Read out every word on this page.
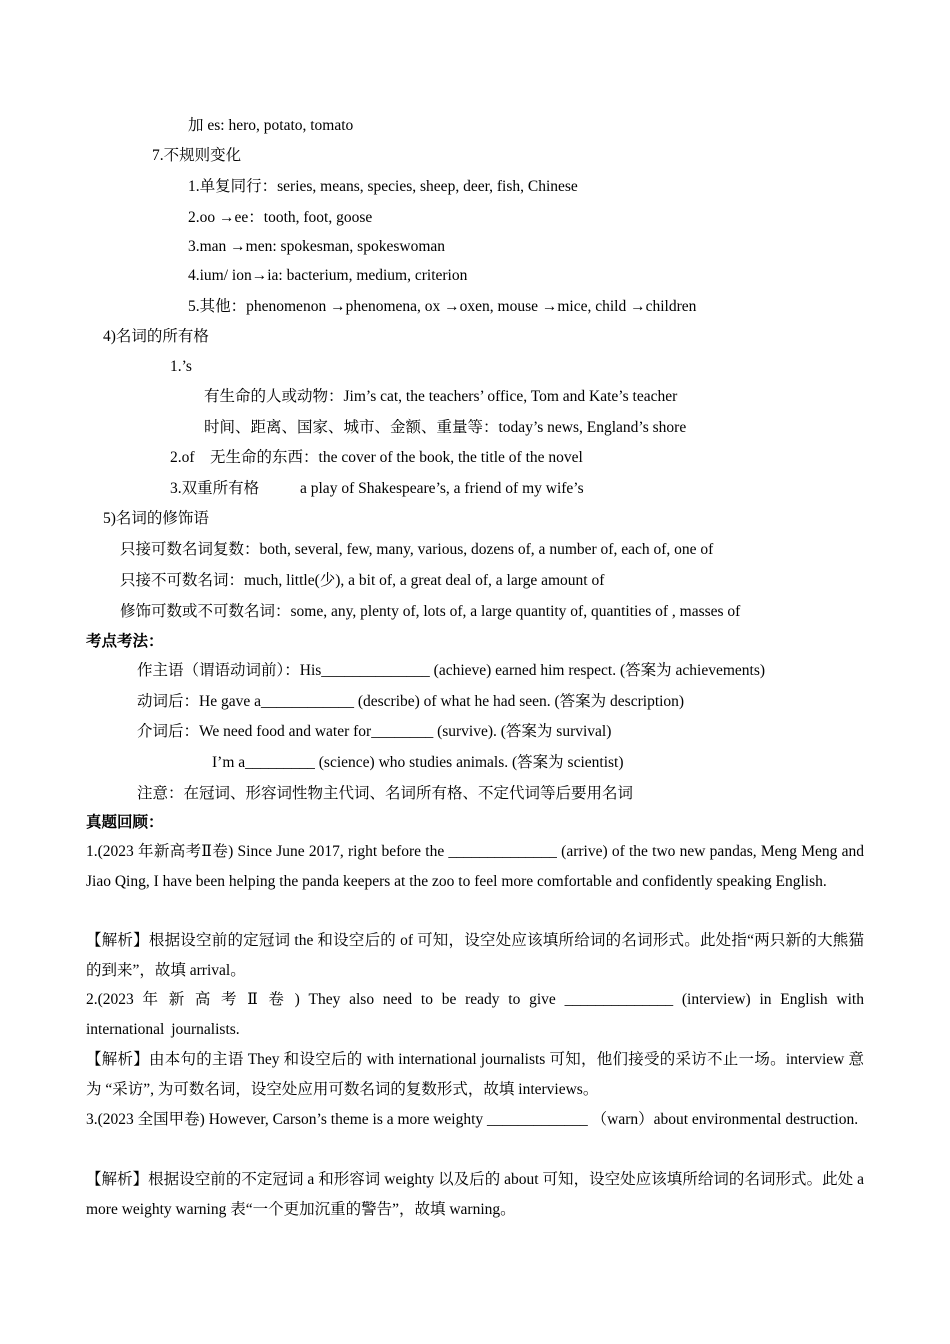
加 es: hero, potato, tomato
7.不规则变化
1.单复同行：series, means, species, sheep, deer, fish, Chinese
2.oo →ee：tooth, foot, goose
3.man →men: spokesman, spokeswoman
4.ium/ ion→ia: bacterium, medium, criterion
5.其他：phenomenon →phenomena, ox →oxen, mouse →mice, child →children
4)名词的所有格
1.’s
有生命的人或动物：Jim’s cat, the teachers’ office, Tom and Kate’s teacher
时间、距离、国家、城市、金额、重量等：today’s news, England’s shore
2.of　无生命的东西：the cover of the book, the title of the novel
3.双重所有格	a play of Shakespeare’s, a friend of my wife’s
5)名词的修饰语
只接可数名词复数：both, several, few, many, various, dozens of, a number of, each of, one of
只接不可数名词：much, little(少), a bit of, a great deal of, a large amount of
修饰可数或不可数名词：some, any, plenty of, lots of, a large quantity of, quantities of , masses of
考点考法：
作主语（谓语动词前）：His______________ (achieve) earned him respect. (答案为 achievements)
动词后：He gave a____________ (describe) of what he had seen. (答案为 description)
介词后：We need food and water for________ (survive). (答案为 survival)
I’m a_________ (science) who studies animals. (答案为 scientist)
注意：在冠词、形容词性物主代词、名词所有格、不定代词等后要用名词
真题回顾：
1.(2023 年新高考Ⅱ卷) Since June 2017, right before the ______________ (arrive) of the two new pandas, Meng Meng and Jiao Qing, I have been helping the panda keepers at the zoo to feel more comfortable and confidently speaking English.
【解析】根据设空前的定冠词 the 和设空后的 of 可知，设空处应该填所给词的名词形式。此处指“两只新的大熊猫的到来”，故填 arrival。
2.(2023 年 新 高 考 Ⅱ 卷 ) They also need to be ready to give ______________ (interview) in English with international journalists.
【解析】由本句的主语 They 和设空后的 with international journalists 可知，他们接受的采访不止一场。interview 意为 “采访”, 为可数名词，设空处应用可数名词的复数形式，故填 interviews。
3.(2023 全国甲卷) However, Carson’s theme is a more weighty _____________ （warn）about environmental destruction.
【解析】根据设空前的不定冠词 a 和形容词 weighty 以及后的 about 可知，设空处应该填所给词的名词形式。此处 a more weighty warning 表“一个更加沉重的警告”，故填 warning。
